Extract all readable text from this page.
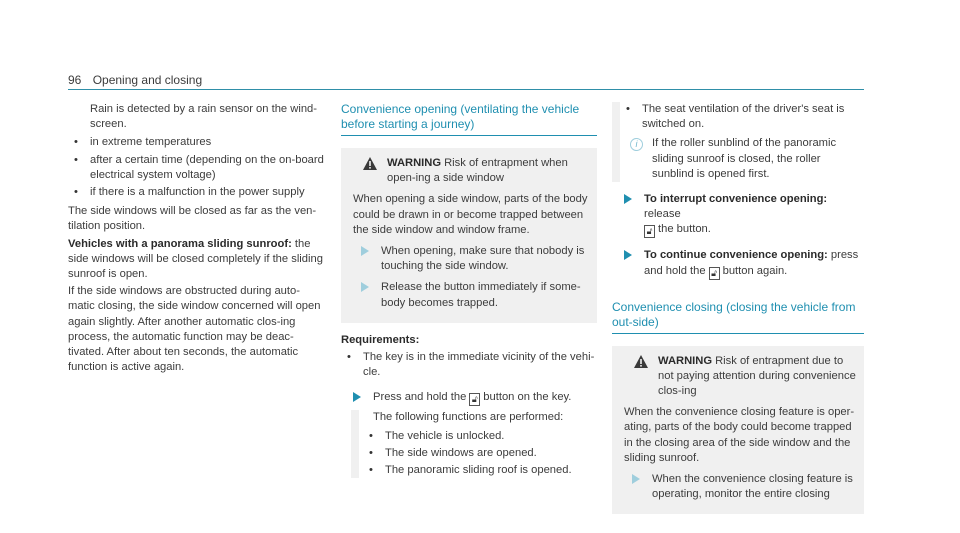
96 Opening and closing

Rain is detected by a rain sensor on the wind-screen.

• in extreme temperatures
• after a certain time (depending on the on-board electrical system voltage)
• if there is a malfunction in the power supply

The side windows will be closed as far as the ven-tilation position.

Vehicles with a panorama sliding sunroof: the side windows will be closed completely if the sliding sunroof is open.

If the side windows are obstructed during auto-matic closing, the side window concerned will open again slightly. After another automatic clos-ing process, the automatic function may be deac-tivated. After about ten seconds, the automatic function is active again.

Convenience opening (ventilating the vehicle before starting a journey)
WARNING Risk of entrapment when open-ing a side window

When opening a side window, parts of the body could be drawn in or become trapped between the side window and window frame.

When opening, make sure that nobody is touching the side window.
Release the button immediately if some-body becomes trapped.

Requirements:

• The key is in the immediate vicinity of the vehi-cle.
Press and hold the 🔓︎ button on the key.

The following functions are performed:

• The vehicle is unlocked.
• The side windows are opened.
• The panoramic sliding roof is opened.
• The seat ventilation of the driver's seat is switched on.
i	If the roller sunblind of the panoramic sliding sunroof is closed, the roller sunblind is opened first.
To interrupt convenience opening: release
🔓︎ the button.
To continue convenience opening: press and hold the 🔓︎ button again.
Convenience closing (closing the vehicle from out-side)
WARNING Risk of entrapment due to not paying attention during convenience clos-ing

When the convenience closing feature is oper-ating, parts of the body could become trapped in the closing area of the side window and the sliding sunroof.

When the convenience closing feature is operating, monitor the entire closing
